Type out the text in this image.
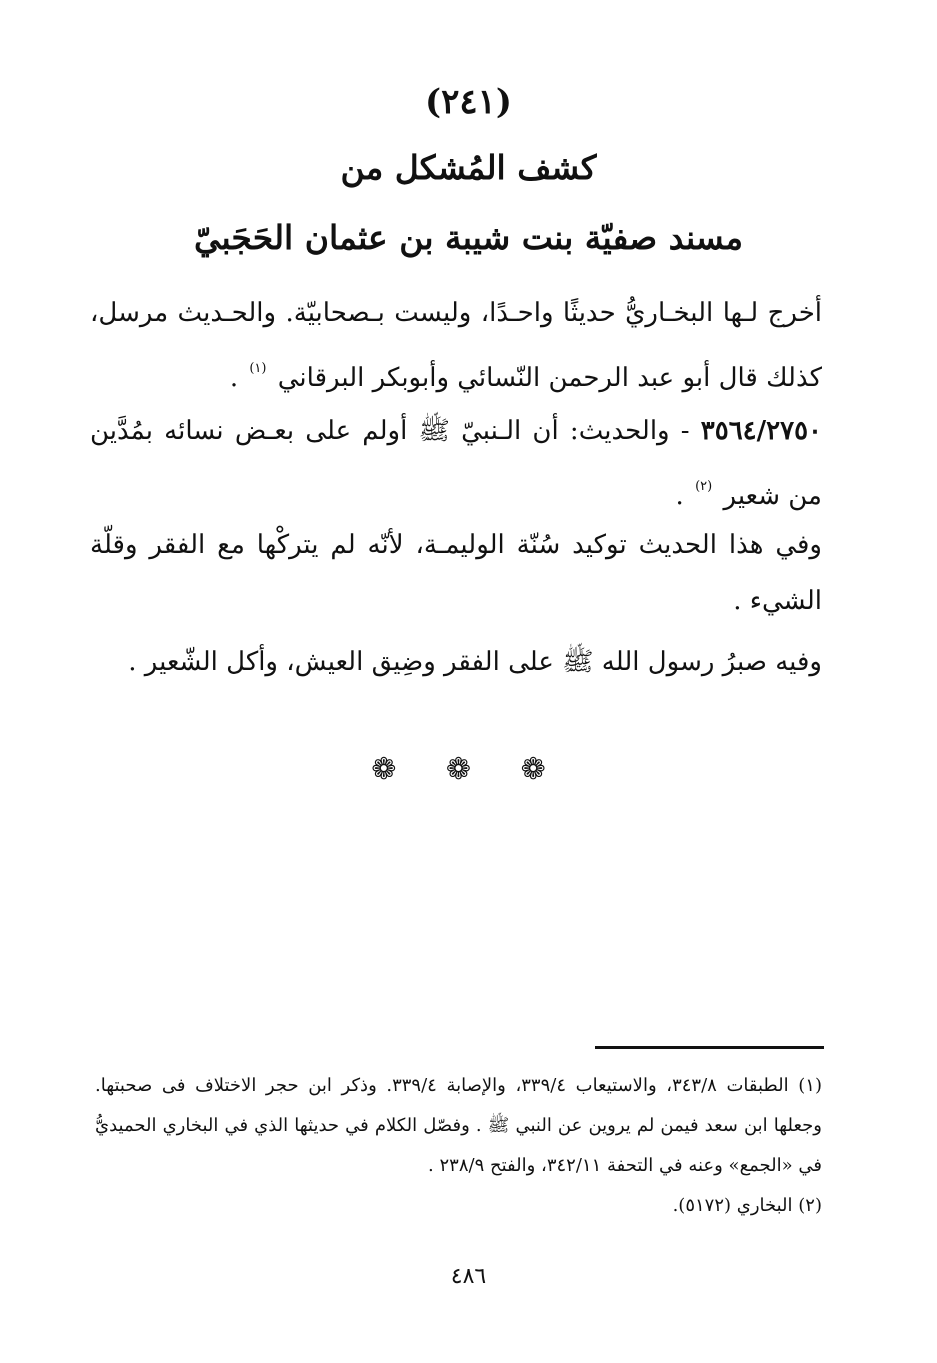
(٢٤١)
كشف المُشكل من
مسند صفيّة بنت شيبة بن عثمان الحَجَبيّ
أخرج لـها البخـاريُّ حديثًا واحـدًا، وليست بـصحابيّة. والحـديث مرسل، كذلك قال أبو عبد الرحمن النّسائي وأبوبكر البرقاني $^{(١)}$ .
٣٥٦٤/٢٧٥٠ - والحديث: أن الـنبيّ ﷺ أولم على بعـض نسائه بمُدَّين من شعير $^{(٢)}$ .
وفي هذا الحديث توكيد سُنّة الوليمـة، لأنّه لم يتركْها مع الفقر وقلّة الشيء .
وفيه صبرُ رسول الله ﷺ على الفقر وضِيق العيش، وأكل الشّعير .
❁ ❁ ❁

(١) الطبقات ٣٤٣/٨، والاستيعاب ٣٣٩/٤، والإصابة ٣٣٩/٤. وذكر ابن حجر الاختلاف فى صحبتها. وجعلها ابن سعد فيمن لم يروين عن النبي ﷺ . وفصّل الكلام في حديثها الذي في البخاري الحميديُّ في «الجمع» وعنه في التحفة ٣٤٢/١١، والفتح ٢٣٨/٩ .

(٢) البخاري (٥١٧٢).

٤٨٦
